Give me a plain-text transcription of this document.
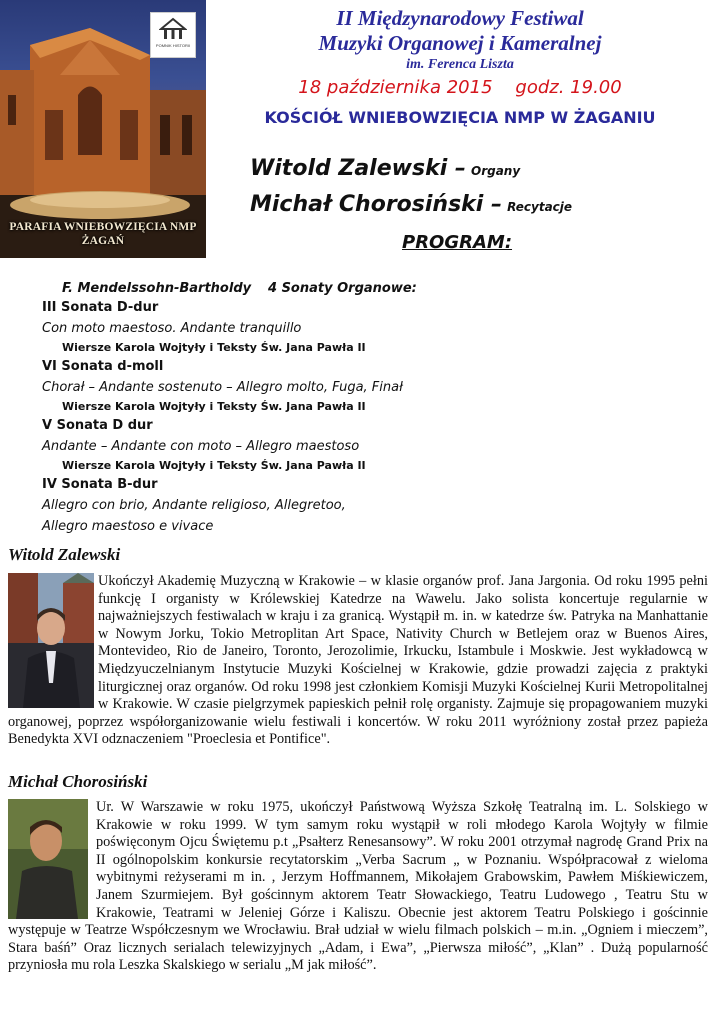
POMNIK HISTORII
PARAFIA WNIEBOWZIĘCIA NMP
ŻAGAŃ
II Międzynarodowy Festiwal
Muzyki Organowej i Kameralnej
im. Ferenca Liszta
18 października 2015    godz. 19.00
KOŚCIÓŁ WNIEBOWZIĘCIA NMP W ŻAGANIU
Witold Zalewski – Organy
Michał Chorosiński – Recytacje
PROGRAM:
F. Mendelssohn-Bartholdy 4 Sonaty Organowe:
III Sonata D-dur
Con moto maestoso. Andante tranquillo
Wiersze Karola Wojtyły i Teksty Św. Jana Pawła II
VI Sonata d-moll
Chorał – Andante sostenuto – Allegro molto, Fuga, Finał
Wiersze Karola Wojtyły i Teksty Św. Jana Pawła II
V Sonata D dur
Andante – Andante con moto – Allegro maestoso
Wiersze Karola Wojtyły i Teksty Św. Jana Pawła II
IV Sonata B-dur
Allegro con brio, Andante religioso, Allegretoo,
Allegro maestoso e vivace
Witold Zalewski

Ukończył Akademię Muzyczną w Krakowie – w klasie organów prof. Jana Jargonia. Od roku 1995 pełni funkcję I organisty w Królewskiej Katedrze na Wawelu. Jako solista koncertuje regularnie w najważniejszych festiwalach w kraju i za granicą. Wystąpił m. in. w katedrze św. Patryka na Manhattanie w Nowym Jorku, Tokio Metroplitan Art Space, Nativity Church w Betlejem oraz w Buenos Aires, Montevideo, Rio de Janeiro, Toronto, Jerozolimie, Irkucku, Istambule i Moskwie. Jest wykładowcą w Międzyuczelnianym Instytucie Muzyki Kościelnej w Krakowie, gdzie prowadzi zajęcia z praktyki liturgicznej oraz organów. Od roku 1998 jest członkiem Komisji Muzyki Kościelnej Kurii Metropolitalnej w Krakowie. W czasie pielgrzymek papieskich pełnił rolę organisty. Zajmuje się propagowaniem muzyki organowej, poprzez współorganizowanie wielu festiwali i koncertów. W roku 2011 wyróżniony został przez papieża Benedykta XVI odznaczeniem "Proeclesia et Pontifice".

Michał Chorosiński

Ur. W Warszawie w roku 1975, ukończył Państwową Wyższa Szkołę Teatralną im. L. Solskiego w Krakowie w roku 1999. W tym samym roku wystąpił w roli młodego Karola Wojtyły w filmie poświęconym Ojcu Świętemu p.t „Psałterz Renesansowy”. W roku 2001 otrzymał nagrodę Grand Prix na II ogólnopolskim konkursie recytatorskim „Verba Sacrum „ w Poznaniu. Współpracował z wieloma wybitnymi reżyserami m in. , Jerzym Hoffmannem, Mikołajem Grabowskim, Pawłem Miśkiewiczem, Janem Szurmiejem. Był gościnnym aktorem Teatr Słowackiego, Teatru Ludowego , Teatru Stu w Krakowie, Teatrami w Jeleniej Górze i Kaliszu. Obecnie jest aktorem Teatru Polskiego i gościnnie występuje w Teatrze Współczesnym we Wrocławiu. Brał udział w wielu filmach polskich – m.in. „Ogniem i mieczem”, Stara baśń” Oraz licznych serialach telewizyjnych „Adam, i Ewa”, „Pierwsza miłość”, „Klan” . Dużą popularność przyniosła mu rola Leszka Skalskiego w serialu „M jak miłość”.
